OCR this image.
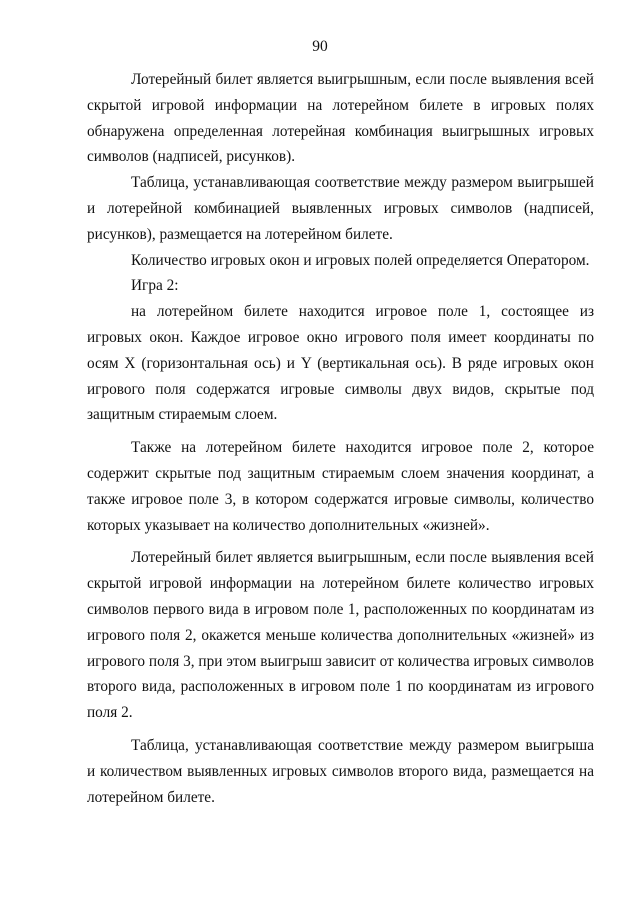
90

Лотерейный билет является выигрышным, если после выявления всей скрытой игровой информации на лотерейном билете в игровых полях обнаружена определенная лотерейная комбинация выигрышных игровых символов (надписей, рисунков).

Таблица, устанавливающая соответствие между размером выигрышей и лотерейной комбинацией выявленных игровых символов (надписей, рисунков), размещается на лотерейном билете.

Количество игровых окон и игровых полей определяется Оператором.

Игра 2:

на лотерейном билете находится игровое поле 1, состоящее из игровых окон. Каждое игровое окно игрового поля имеет координаты по осям X (горизонтальная ось) и Y (вертикальная ось). В ряде игровых окон игрового поля содержатся игровые символы двух видов, скрытые под защитным стираемым слоем.

Также на лотерейном билете находится игровое поле 2, которое содержит скрытые под защитным стираемым слоем значения координат, а также игровое поле 3, в котором содержатся игровые символы, количество которых указывает на количество дополнительных «жизней».

Лотерейный билет является выигрышным, если после выявления всей скрытой игровой информации на лотерейном билете количество игровых символов первого вида в игровом поле 1, расположенных по координатам из игрового поля 2, окажется меньше количества дополнительных «жизней» из игрового поля 3, при этом выигрыш зависит от количества игровых символов второго вида, расположенных в игровом поле 1 по координатам из игрового поля 2.

Таблица, устанавливающая соответствие между размером выигрыша и количеством выявленных игровых символов второго вида, размещается на лотерейном билете.
